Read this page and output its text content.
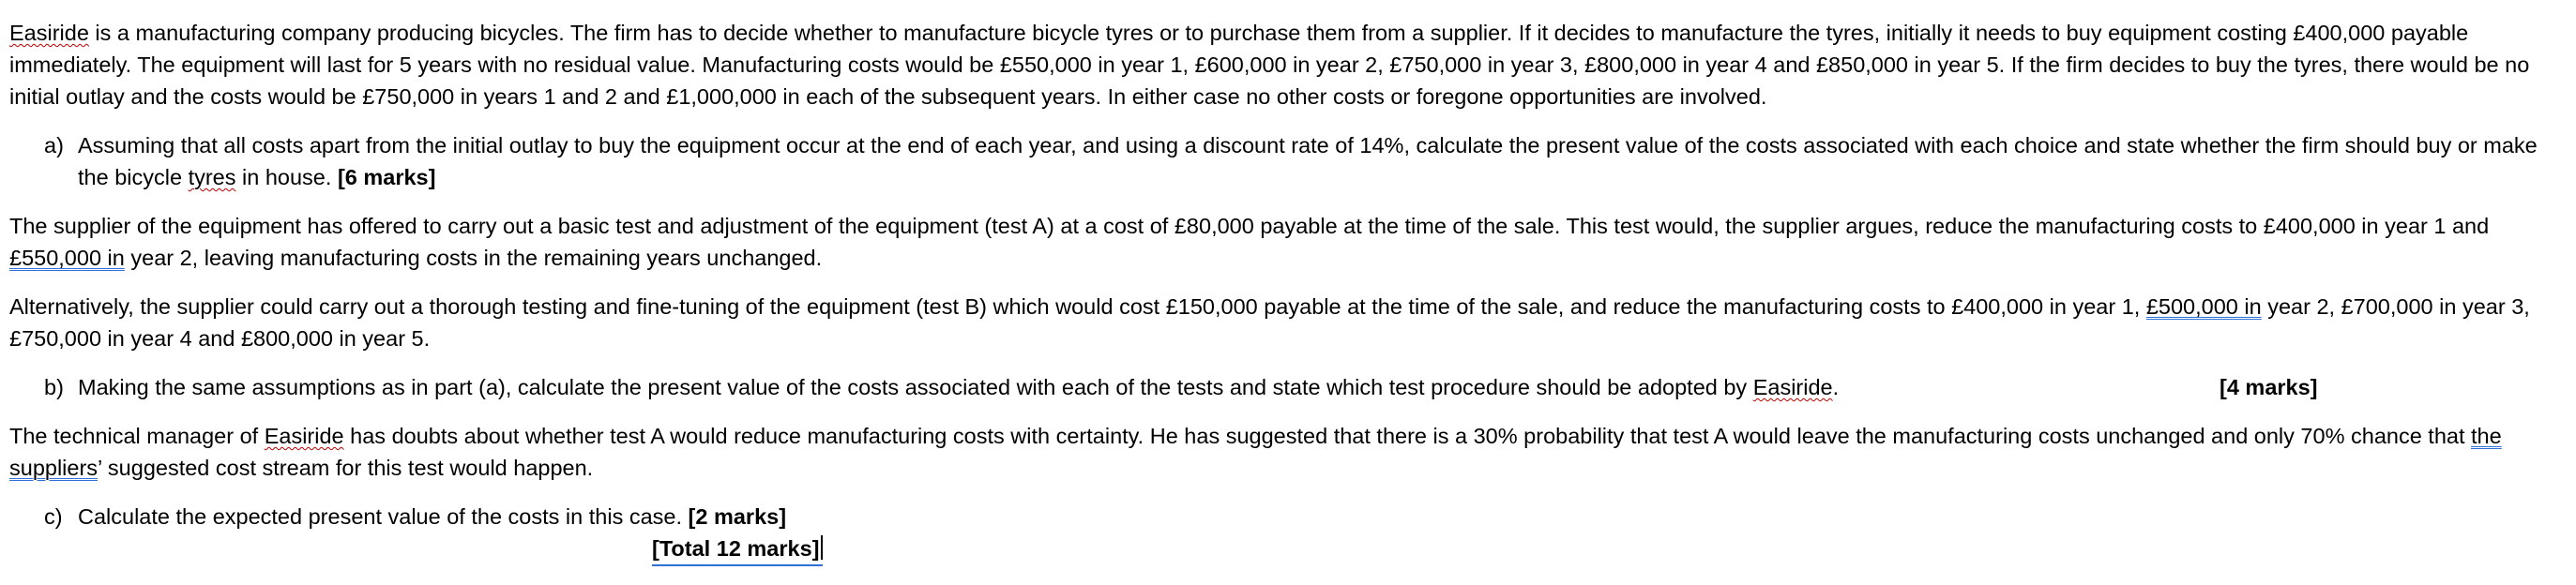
Easiride is a manufacturing company producing bicycles. The firm has to decide whether to manufacture bicycle tyres or to purchase them from a supplier. If it decides to manufacture the tyres, initially it needs to buy equipment costing £400,000 payable immediately. The equipment will last for 5 years with no residual value. Manufacturing costs would be £550,000 in year 1, £600,000 in year 2, £750,000 in year 3, £800,000 in year 4 and £850,000 in year 5. If the firm decides to buy the tyres, there would be no initial outlay and the costs would be £750,000 in years 1 and 2 and £1,000,000 in each of the subsequent years. In either case no other costs or foregone opportunities are involved.

a) Assuming that all costs apart from the initial outlay to buy the equipment occur at the end of each year, and using a discount rate of 14%, calculate the present value of the costs associated with each choice and state whether the firm should buy or make the bicycle tyres in house. [6 marks]

The supplier of the equipment has offered to carry out a basic test and adjustment of the equipment (test A) at a cost of £80,000 payable at the time of the sale. This test would, the supplier argues, reduce the manufacturing costs to £400,000 in year 1 and £550,000 in year 2, leaving manufacturing costs in the remaining years unchanged.

Alternatively, the supplier could carry out a thorough testing and fine-tuning of the equipment (test B) which would cost £150,000 payable at the time of the sale, and reduce the manufacturing costs to £400,000 in year 1, £500,000 in year 2, £700,000 in year 3, £750,000 in year 4 and £800,000 in year 5.

b) Making the same assumptions as in part (a), calculate the present value of the costs associated with each of the tests and state which test procedure should be adopted by Easiride.	[4 marks]

The technical manager of Easiride has doubts about whether test A would reduce manufacturing costs with certainty. He has suggested that there is a 30% probability that test A would leave the manufacturing costs unchanged and only 70% chance that the suppliers’ suggested cost stream for this test would happen.

c) Calculate the expected present value of the costs in this case. [2 marks]

[Total 12 marks]
